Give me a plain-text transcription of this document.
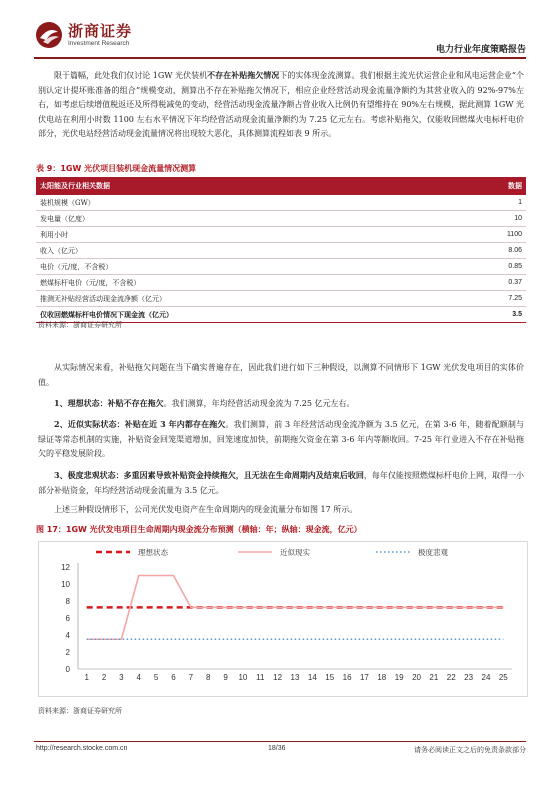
浙商证券
Investment Research
电力行业年度策略报告
限于篇幅，此处我们仅讨论 1GW 光伏装机不存在补贴拖欠情况下的实体现金流测算。我们根据主流光伏运营企业和风电运营企业“个别认定计提坏账准备的组合”规模变动，测算出不存在补贴拖欠情况下，相应企业经营活动现金流量净额约为其营业收入的 92%-97%左右，如考虑后续增值税返还及所得税减免的变动，经营活动现金流量净额占营业收入比例仍有望维持在 90%左右规模，据此测算 1GW 光伏电站在利用小时数 1100 左右水平情况下年均经营活动现金流量净额约为 7.25 亿元左右。考虑补贴拖欠，仅能收回燃煤火电标杆电价部分，光伏电站经营活动现金流量情况将出现较大恶化，具体测算流程如表 9 所示。
表 9：1GW 光伏项目装机现金流量情况测算
太阳能及行业相关数据	数据
装机规模（GW）	1
发电量（亿度）	10
利用小时	1100
收入（亿元）	8.06
电价（元/度，不含税）	0.85
燃煤标杆电价（元/度，不含税）	0.37
推测无补贴经营活动现金流净额（亿元）	7.25
仅收回燃煤标杆电价情况下现金流（亿元）	3.5
资料来源：浙商证券研究所
从实际情况来看，补贴拖欠问题在当下确实普遍存在，因此我们进行如下三种假设，以测算不同情形下 1GW 光伏发电项目的实体价值。
1、理想状态：补贴不存在拖欠。我们测算，年均经营活动现金流为 7.25 亿元左右。
2、近似实际状态：补贴在近 3 年内都存在拖欠。我们测算，前 3 年经营活动现金流净额为 3.5 亿元，在第 3-6 年，随着配额制与绿证等常态机制的实施，补贴资金回笼渠道增加，回笼速度加快，前期拖欠资金在第 3-6 年内等额收回。7-25 年行业进入不存在补贴拖欠的平稳发展阶段。
3、极度悲观状态：多重因素导致补贴资金持续拖欠，且无法在生命周期内及结束后收回，每年仅能按照燃煤标杆电价上网，取得一小部分补贴资金，年均经营活动现金流量为 3.5 亿元。
上述三种假设情形下，公司光伏发电资产在生命周期内的现金流量分布如图 17 所示。
图 17：1GW 光伏发电项目生命周期内现金流分布预测（横轴：年；纵轴：现金流，亿元）
0
2
4
6
8
10
12
1 2 3 4 5 6 7 8 9 10 11 12 13 14 15 16 17 18 19 20 21 22 23 24 25
理想状态	近似现实	极度悲观
资料来源：浙商证券研究所
http://research.stocke.com.cn	18/36	请务必阅读正文之后的免责条款部分
